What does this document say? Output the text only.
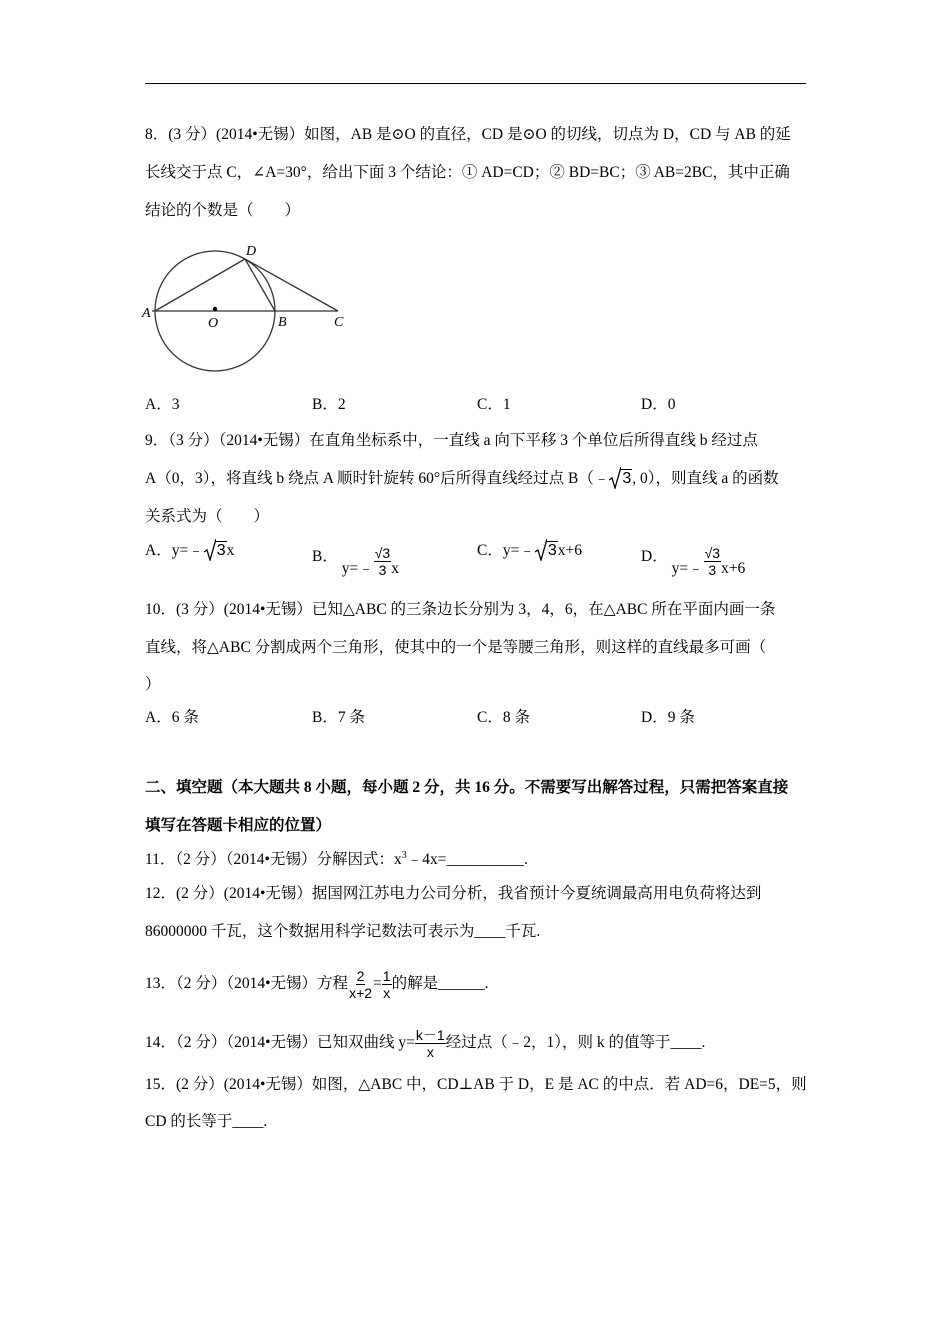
8．(3 分）(2014•无锡）如图，AB 是⊙O 的直径，CD 是⊙O 的切线，切点为 D，CD 与 AB 的延
长线交于点 C，∠A=30°，给出下面 3 个结论：① AD=CD；② BD=BC；③ AB=2BC，其中正确
结论的个数是（　　）
A
O	B	C
D
A．3	B．2	C．1	D．0
9．（3 分）（2014•无锡）在直角坐标系中，一直线 a 向下平移 3 个单位后所得直线 b 经过点
A（0，3），将直线 b 绕点 A 顺时针旋转 60°后所得直线经过点 B（﹣ 3, 0），则直线 a 的函数
关系式为（　　）
A．y=﹣ 3x	B． y=﹣ $\frac{√3}{3}$ x
C．y=﹣ 3x+6	D． y=﹣ $\frac{√3}{3} x+6$
10．(3 分）(2014•无锡）已知△ABC 的三条边长分别为 3，4，6，在△ABC 所在平面内画一条
直线，将△ABC 分割成两个三角形，使其中的一个是等腰三角形，则这样的直线最多可画（
）
A．6 条	B．7 条	C．8 条	D．9 条
二、填空题（本大题共 8 小题，每小题 2 分，共 16 分。不需要写出解答过程，只需把答案直接
填写在答题卡相应的位置）
11．（2 分）（2014•无锡）分解因式：$x^3﹣4x=\_\_\_\_\_\_\_\_\_\_$.
12．(2 分）(2014•无锡）据国网江苏电力公司分析，我省预计今夏统调最高用电负荷将达到
86000000 千瓦，这个数据用科学记数法可表示为____千瓦.
13．（2 分）（2014•无锡）方程 $\frac{2}{x+2} = \frac{1}{x}$ 的解是______.
14．（2 分）（2014•无锡）已知双曲线 $y= \frac{k-1}{x}$ 经过点（﹣2，1），则 k 的值等于____.
15．(2 分）(2014•无锡）如图，△ABC 中，CD⊥AB 于 D，E 是 AC 的中点．若 AD=6，DE=5，则
CD 的长等于____.
